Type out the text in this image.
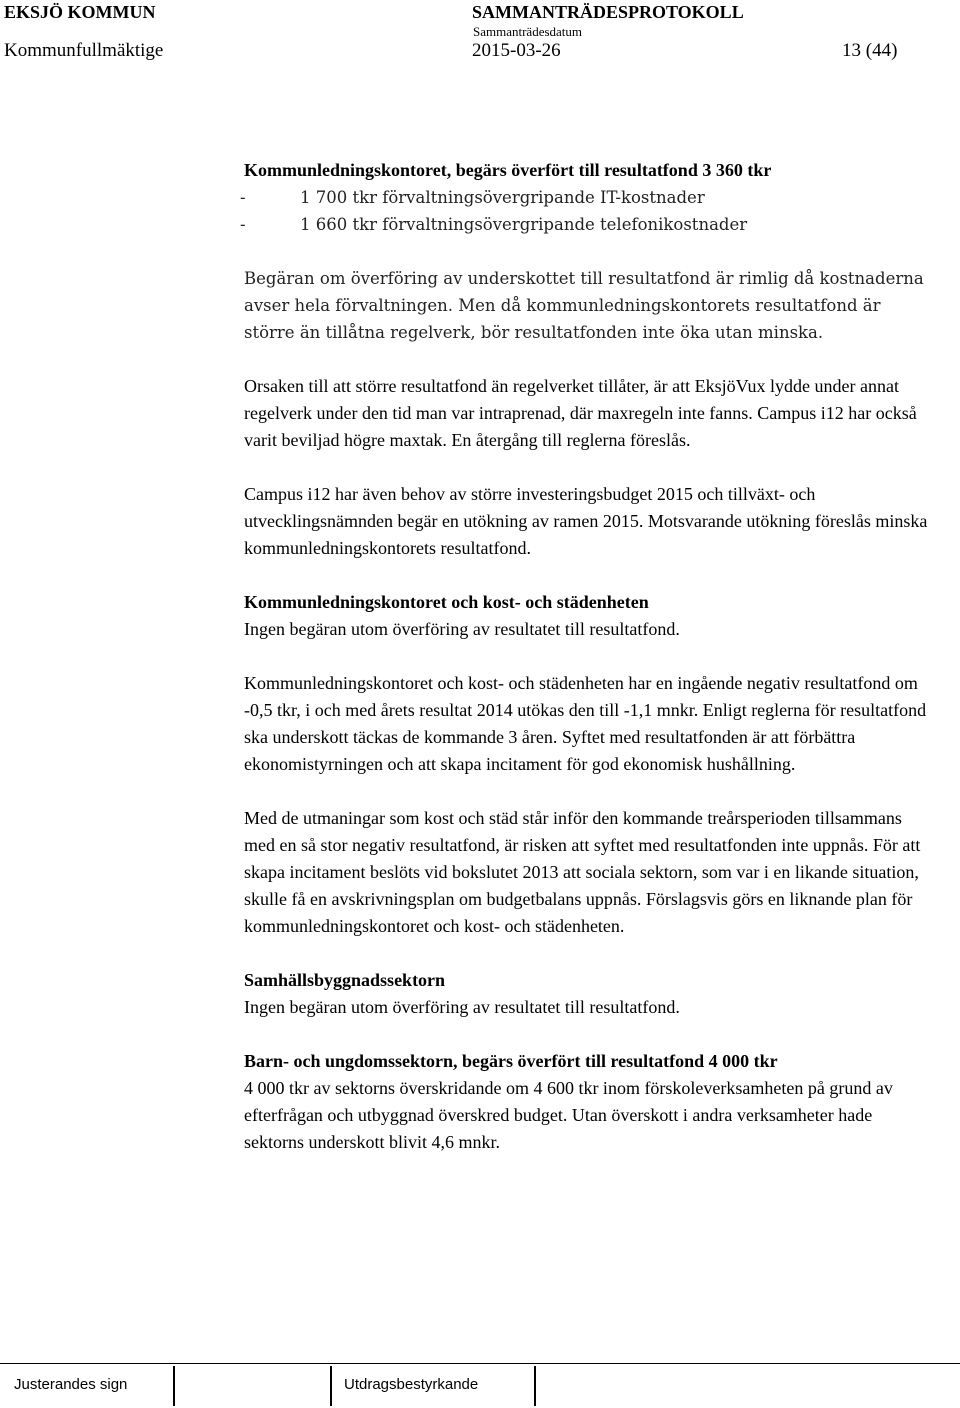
EKSJÖ KOMMUN	SAMMANTRÄDESPROTOKOLL
Sammanträdesdatum
Kommunfullmäktige	2015-03-26	13 (44)

Kommunledningskontoret, begärs överfört till resultatfond 3 360 tkr

-	1 700 tkr förvaltningsövergripande IT-kostnader
-	1 660 tkr förvaltningsövergripande telefonikostnader

Begäran om överföring av underskottet till resultatfond är rimlig då kostnaderna avser hela förvaltningen. Men då kommunledningskontorets resultatfond är större än tillåtna regelverk, bör resultatfonden inte öka utan minska.

Orsaken till att större resultatfond än regelverket tillåter, är att EksjöVux lydde under annat regelverk under den tid man var intraprenad, där maxregeln inte fanns. Campus i12 har också varit beviljad högre maxtak. En återgång till reglerna föreslås.

Campus i12 har även behov av större investeringsbudget 2015 och tillväxt- och utvecklingsnämnden begär en utökning av ramen 2015. Motsvarande utökning föreslås minska kommunledningskontorets resultatfond.

Kommunledningskontoret och kost- och städenheten

Ingen begäran utom överföring av resultatet till resultatfond.

Kommunledningskontoret och kost- och städenheten har en ingående negativ resultatfond om -0,5 tkr, i och med årets resultat 2014 utökas den till -1,1 mnkr. Enligt reglerna för resultatfond ska underskott täckas de kommande 3 åren. Syftet med resultatfonden är att förbättra ekonomistyrningen och att skapa incitament för god ekonomisk hushållning.

Med de utmaningar som kost och städ står inför den kommande treårsperioden tillsammans med en så stor negativ resultatfond, är risken att syftet med resultatfonden inte uppnås. För att skapa incitament beslöts vid bokslutet 2013 att sociala sektorn, som var i en likande situation, skulle få en avskrivningsplan om budgetbalans uppnås. Förslagsvis görs en liknande plan för kommunledningskontoret och kost- och städenheten.

Samhällsbyggnadssektorn

Ingen begäran utom överföring av resultatet till resultatfond.

Barn- och ungdomssektorn, begärs överfört till resultatfond 4 000 tkr

4 000 tkr av sektorns överskridande om 4 600 tkr inom förskoleverksamheten på grund av efterfrågan och utbyggnad överskred budget. Utan överskott i andra verksamheter hade sektorns underskott blivit 4,6 mnkr.

Justerandes sign	Utdragsbestyrkande
